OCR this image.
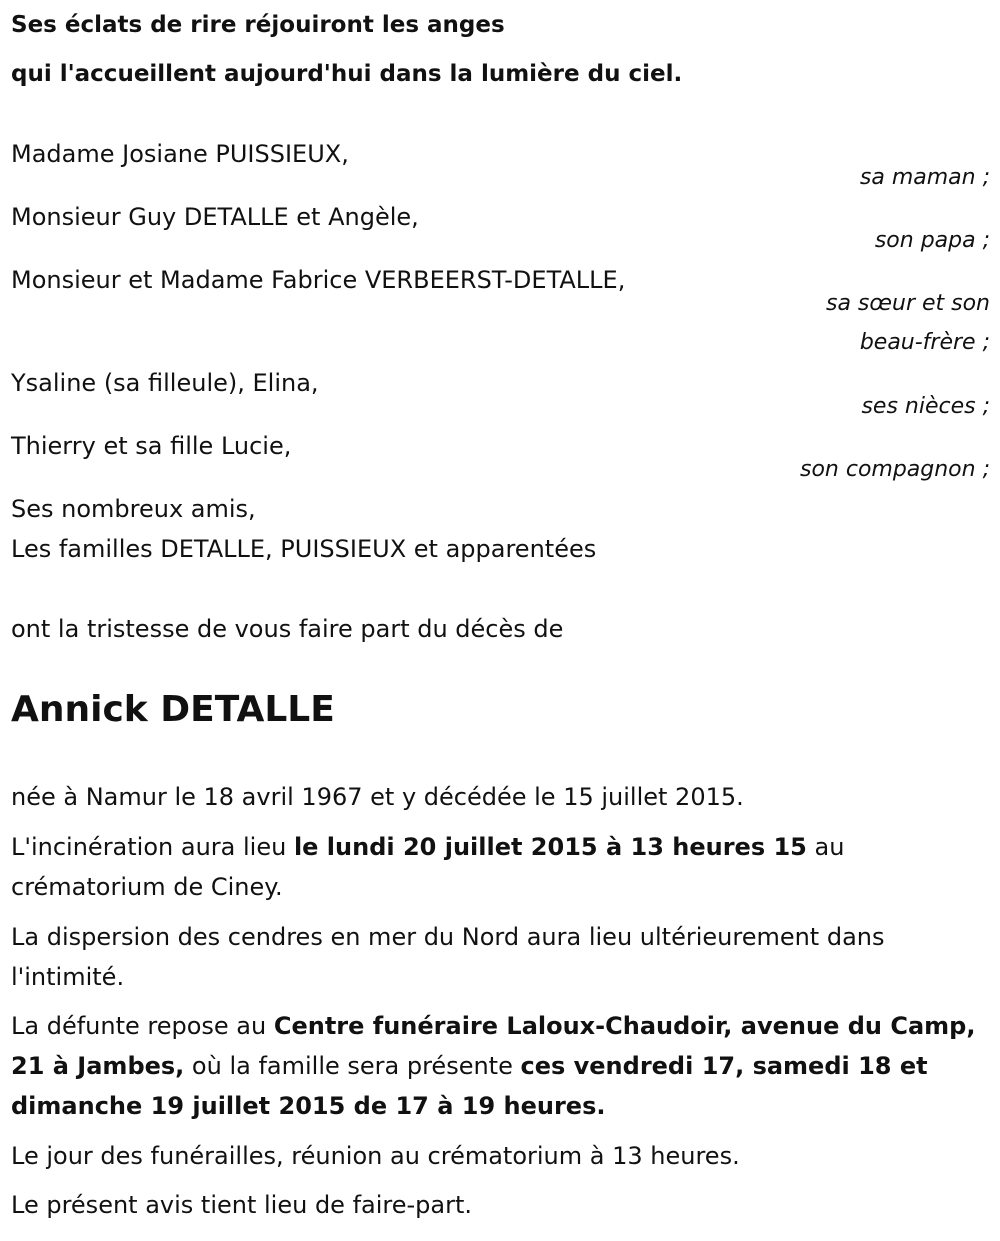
Ses éclats de rire réjouiront les anges
qui l'accueillent aujourd'hui dans la lumière du ciel.
Madame Josiane PUISSIEUX,
sa maman ;
Monsieur Guy DETALLE et Angèle,
son papa ;
Monsieur et Madame Fabrice VERBEERST-DETALLE,
sa sœur et son
beau-frère ;
Ysaline (sa filleule), Elina,
ses nièces ;
Thierry et sa fille Lucie,
son compagnon ;
Ses nombreux amis,
Les familles DETALLE, PUISSIEUX et apparentées
ont la tristesse de vous faire part du décès de
Annick DETALLE
née à Namur le 18 avril 1967 et y décédée le 15 juillet 2015.
L'incinération aura lieu le lundi 20 juillet 2015 à 13 heures 15 au crématorium de Ciney.
La dispersion des cendres en mer du Nord aura lieu ultérieurement dans l'intimité.
La défunte repose au Centre funéraire Laloux-Chaudoir, avenue du Camp, 21 à Jambes, où la famille sera présente ces vendredi 17, samedi 18 et dimanche 19 juillet 2015 de 17 à 19 heures.
Le jour des funérailles, réunion au crématorium à 13 heures.
Le présent avis tient lieu de faire-part.
